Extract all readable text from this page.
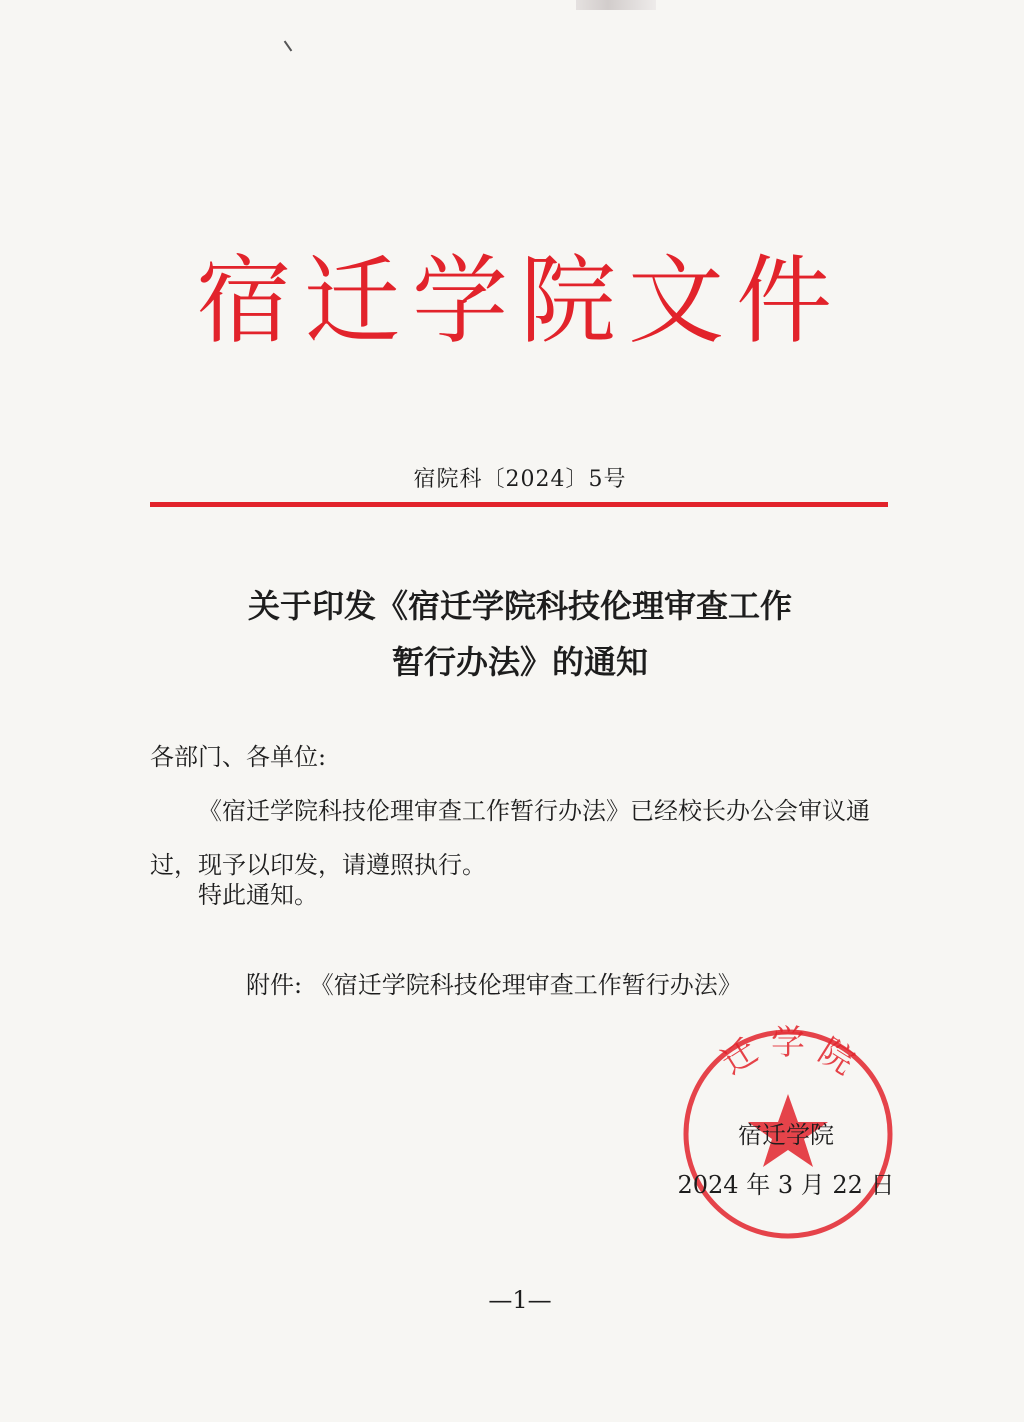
宿迁学院文件
宿院科〔2024〕5号
关于印发《宿迁学院科技伦理审查工作
暂行办法》的通知
各部门、各单位:
《宿迁学院科技伦理审查工作暂行办法》已经校长办公会审议通过，现予以印发，请遵照执行。
特此通知。
附件: 《宿迁学院科技伦理审查工作暂行办法》
迁 学 院
宿迁学院
2024 年 3 月 22 日
—1—
